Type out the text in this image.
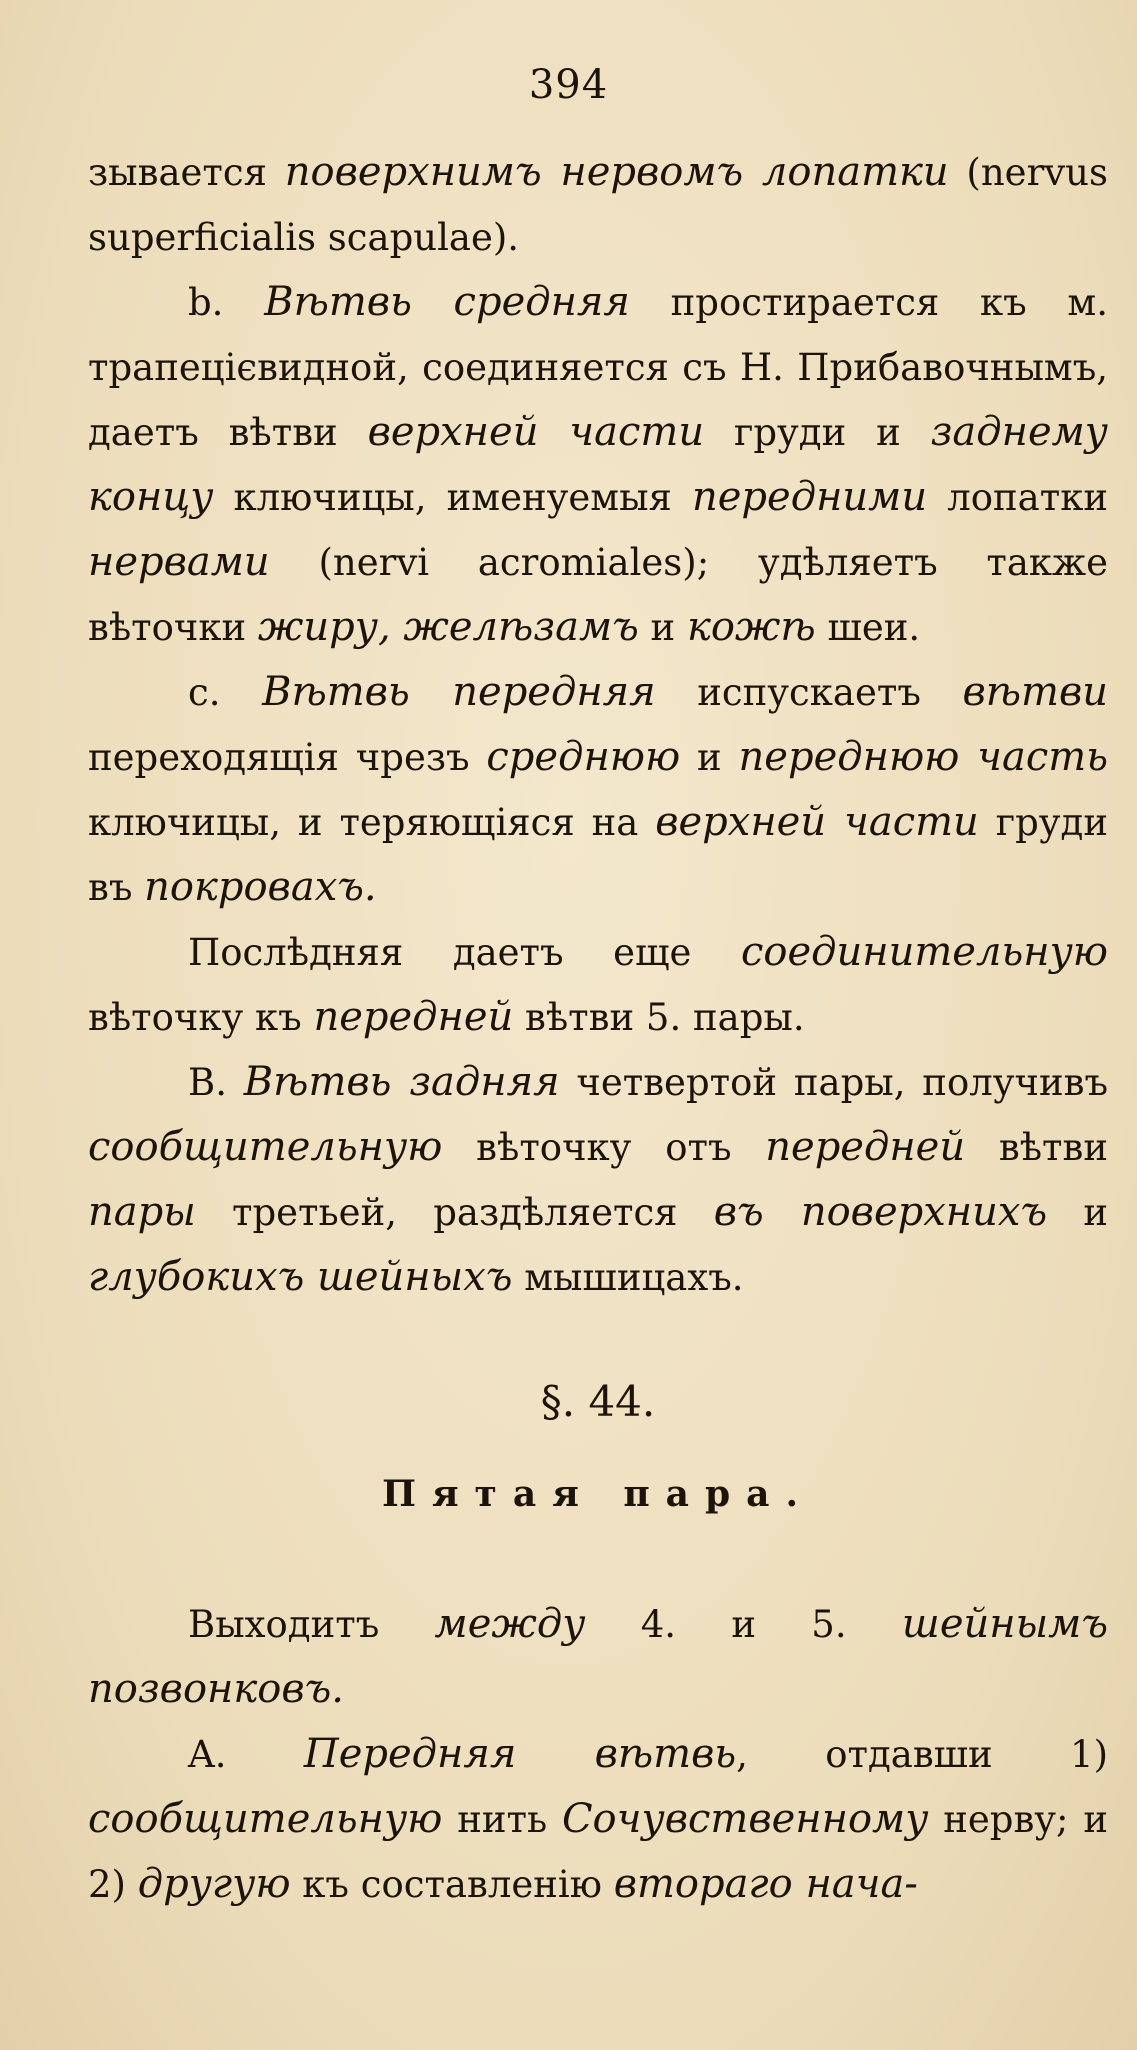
394

зывается поверхнимъ нервомъ лопатки (nervus superficialis scapulae).

b. Вѣтвь средняя простирается къ м. трапецієвидной, соединяется съ Н. Прибавочнымъ, даетъ вѣтви верхней части груди и заднему концу ключицы, именуемыя передними лопатки нервами (nervi acromiales); удѣляетъ также вѣточки жиру, желѣзамъ и кожѣ шеи.

c. Вѣтвь передняя испускаетъ вѣтви переходящія чрезъ среднюю и переднюю часть ключицы, и теряющіяся на верхней части груди въ покровахъ.

Послѣдняя даетъ еще соединительную вѣточку къ передней вѣтви 5. пары.

B. Вѣтвь задняя четвертой пары, получивъ сообщительную вѣточку отъ передней вѣтви пары третьей, раздѣляется въ поверхнихъ и глубокихъ шейныхъ мышицахъ.

§. 44.
Пятая пара.

Выходитъ между 4. и 5. шейнымъ позвонковъ.

A. Передняя вѣтвь, отдавши 1) сообщительную нить Сочувственному нерву; и 2) другую къ составленію втораго нача-
